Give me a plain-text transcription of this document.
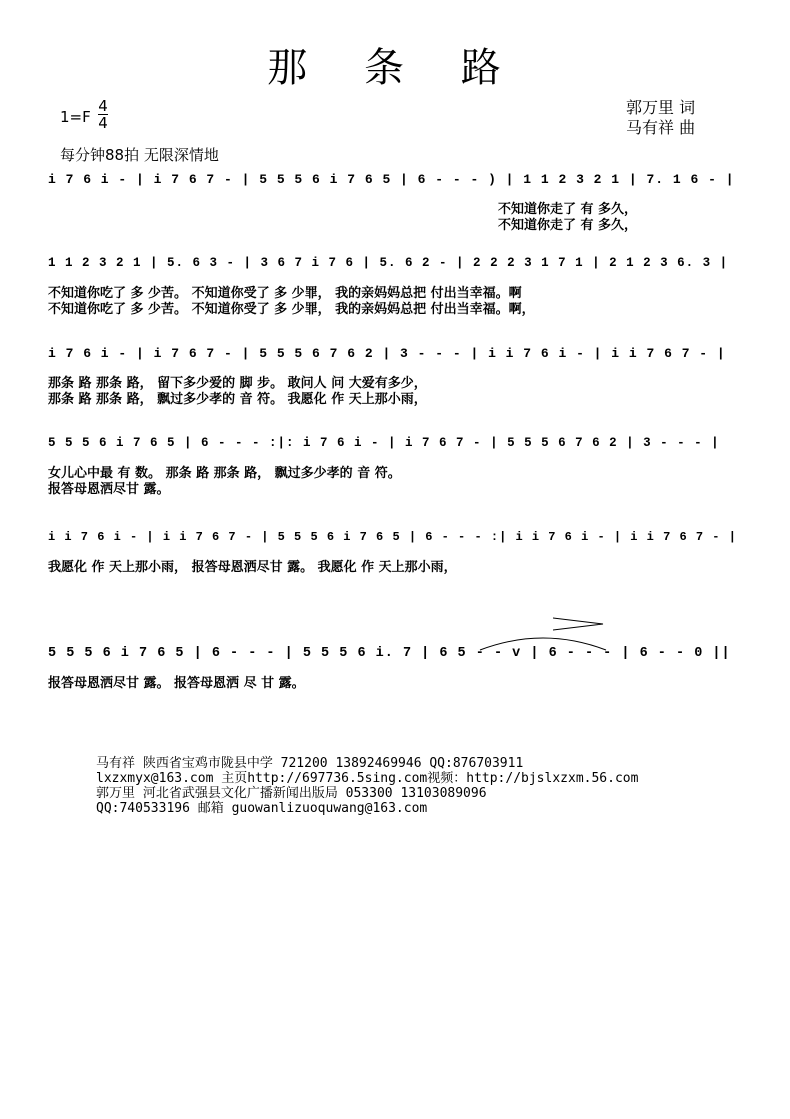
那 条 路
1=F
4
4
郭万里 词
马有祥 曲
每分钟88拍 无限深情地
i 7 6 i - | i 7 6 7 - | 5 5 5 6 i 7 6 5 | 6 - - - ) | 1 1 2 3 2 1 | 7. 1 6 - |
不知道你走了 有 多久，
不知道你走了 有 多久，
1 1 2 3 2 1 | 5. 6 3 - | 3 6 7 i 7 6 | 5. 6 2 - | 2 2 2 3 1 7 1 | 2 1 2 3 6. 3 |
不知道你吃了 多 少苦。 不知道你受了 多 少罪， 我的亲妈妈总把 付出当幸福。啊
不知道你吃了 多 少苦。 不知道你受了 多 少罪， 我的亲妈妈总把 付出当幸福。啊，
i 7 6 i - | i 7 6 7 - | 5 5 5 6 7 6 2 | 3 - - - | i i 7 6 i - | i i 7 6 7 - |
那条 路 那条 路， 留下多少爱的 脚 步。 敢问人 问 大爱有多少，
那条 路 那条 路， 飘过多少孝的 音 符。 我愿化 作 天上那小雨，
5 5 5 6 i 7 6 5 | 6 - - - :|: i 7 6 i - | i 7 6 7 - | 5 5 5 6 7 6 2 | 3 - - - |
女儿心中最 有 数。 那条 路 那条 路， 飘过多少孝的 音 符。
报答母恩洒尽甘 露。
i i 7 6 i - | i i 7 6 7 - | 5 5 5 6 i 7 6 5 | 6 - - - :| i i 7 6 i - | i i 7 6 7 - |
我愿化 作 天上那小雨， 报答母恩洒尽甘 露。 我愿化 作 天上那小雨，
5 5 5 6 i 7 6 5 | 6 - - - | 5 5 5 6 i. 7 | 6 5 - - v | 6 - - - | 6 - - 0 ||
报答母恩洒尽甘 露。 报答母恩洒 尽 甘 露。
马有祥 陕西省宝鸡市陇县中学 721200 13892469946 QQ:876703911
lxzxmyx@163.com 主页http://697736.5sing.com视频：http://bjslxzxm.56.com
郭万里 河北省武强县文化广播新闻出版局 053300 13103089096
QQ:740533196 邮箱 guowanlizuoquwang@163.com
